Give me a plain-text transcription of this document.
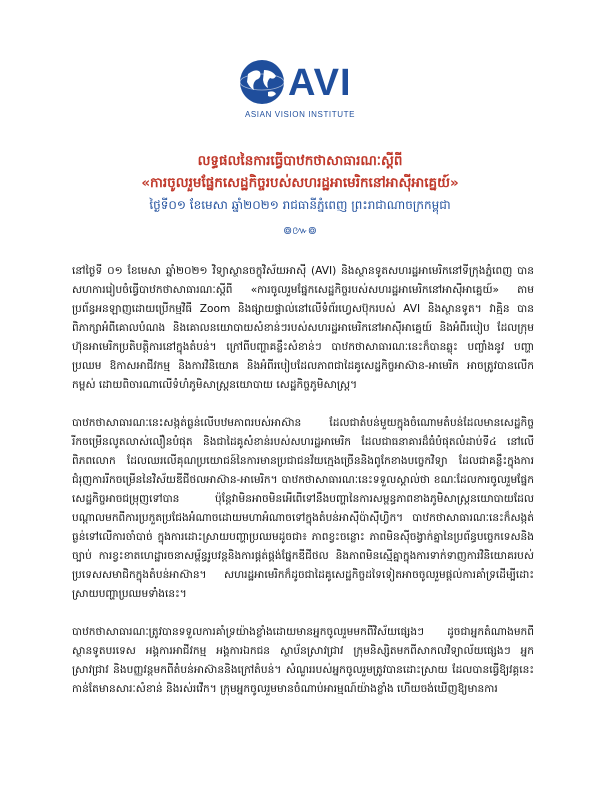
AVI
ASIAN VISION INSTITUTE
លទ្ធផលនៃការធ្វើបាឋកថាសាធារណៈស្តីពី
«ការចូលរួមផ្នែកសេដ្ឋកិច្ចរបស់សហរដ្ឋអាមេរិកនៅអាស៊ីអាគ្នេយ៍»
ថ្ងៃទី០១ ខែមេសា ឆ្នាំ២០២១ រាជធានីភ្នំពេញ ព្រះរាជាណាចក្រកម្ពុជា
៙៚៙

នៅថ្ងៃទី ០១ ខែមេសា ឆ្នាំ២០២១ វិទ្យាស្ថានចក្ខុវិស័យអាស៊ី (AVI) និងស្ថានទូតសហរដ្ឋអាមេរិកនៅទីក្រុងភ្នំពេញ បានសហការរៀបចំធ្វើបាឋកថាសាធារណៈស្តីពី «ការចូលរួមផ្នែកសេដ្ឋកិច្ចរបស់សហរដ្ឋអាមេរិកនៅអាស៊ីអាគ្នេយ៍» តាមប្រព័ន្ធអនឡាញដោយប្រើកម្មវិធី Zoom និងផ្សាយផ្ទាល់នៅលើទំព័រហ្វេសប៊ុករបស់ AVI និងស្ថានទូត។ វាគ្មិន បានពិភាក្សាអំពីគោលបំណង និងគោលនយោបាយសំខាន់ៗរបស់សហរដ្ឋអាមេរិកនៅអាស៊ីអាគ្នេយ៍ និងអំពីរបៀប ដែលក្រុមហ៊ុនអាមេរិកប្រតិបត្តិការនៅក្នុងតំបន់។ ក្រៅពីបញ្ហាគន្លឹះសំខាន់ៗ បាឋកថាសាធារណៈនេះក៏បានឆ្លុះ បញ្ចាំងនូវ បញ្ហាប្រឈម ឱកាសអាជីវកម្ម និងការវិនិយោគ និងអំពីរបៀបដែលភាពជាដៃគូសេដ្ឋកិច្ចអាស៊ាន-អាមេរិក អាចត្រូវបានលើកកម្ពស់ ដោយពិចារណាលើទំហំភូមិសាស្ត្រនយោបាយ សេដ្ឋកិច្ចភូមិសាស្ត្រ។

បាឋកថាសាធារណៈនេះសង្កត់ធ្ងន់លើបឋមភាពរបស់អាស៊ាន ដែលជាតំបន់មួយក្នុងចំណោមតំបន់ដែលមានសេដ្ឋកិច្ចរីកចម្រើនលូតលាស់លឿនបំផុត និងជាដៃគូសំខាន់របស់សហរដ្ឋអាមេរិក ដែលជាធនាគារដ៏ធំបំផុតលំដាប់ទី៤ នៅលើពិភពលោក ដែលឈរលើគុណប្រយោជន៍នៃការមានប្រជាជនវ័យក្មេងច្រើននិងពូកែខាងបច្ចេកវិទ្យា ដែលជាគន្លឹះក្នុងការជំរុញការរីកចម្រើននៃវិស័យឌីជីថលអាស៊ាន-អាមេរិក។ បាឋកថាសាធារណៈនេះទទួលស្គាល់ថា ខណៈដែលការចូលរួមផ្នែកសេដ្ឋកិច្ចអាចជម្រុញទៅបាន ប៉ុន្តែវាមិនអាចមិនអើពើទៅនឹងបញ្ហានៃការសម្ពន្ធភាពខាងភូមិសាស្ត្រនយោបាយដែលបណ្តាលមកពីការប្រកួតប្រជែងអំណាចដោយមហាអំណាចទៅក្នុងតំបន់អាស៊ីប៉ាស៊ីហ្វិក។ បាឋកថាសាធារណៈនេះក៏សង្កត់ធ្ងន់ទៅលើការចាំបាច់ ក្នុងការដោះស្រាយបញ្ហាប្រឈមដូចជា៖ ភាពខ្វះចន្លោះ ភាពមិនស៊ីចង្វាក់គ្នានៃប្រព័ន្ធបច្ចេកទេសនិងច្បាប់ ការខ្វះខាតហេដ្ឋារចនាសម្ព័ន្ធរូបវន្តនិងការផ្គត់ផ្គង់ផ្នែកឌីជីថល និងភាពមិនស្មើគ្នាក្នុងការទាក់ទាញការវិនិយោគរបស់ប្រទេសសមាជិកក្នុងតំបន់អាស៊ាន។ សហរដ្ឋអាមេរិកក៏ដូចជាដៃគូសេដ្ឋកិច្ចដទៃទៀតអាចចូលរួមផ្តល់ការគាំទ្រដើម្បីដោះស្រាយបញ្ហាប្រឈមទាំងនេះ។

បាឋកថាសាធារណៈត្រូវបានទទួលការគាំទ្រយ៉ាងខ្លាំងដោយមានអ្នកចូលរួមមកពីវិស័យផ្សេងៗ ដូចជាអ្នកតំណាងមកពីស្ថានទូតបរទេស អង្គការអាជីវកម្ម អង្គការឯកជន ស្ថាប័នស្រាវជ្រាវ ក្រុមនិស្សិតមកពីសាកលវិទ្យាល័យផ្សេងៗ អ្នកស្រាវជ្រាវ និងបញ្ញវន្តមកពីតំបន់អាស៊ាននិងក្រៅតំបន់។ សំណួររបស់អ្នកចូលរួមត្រូវបានដោះស្រាយ ដែលបានធ្វើឱ្យវគ្គនេះកាន់តែមានសារៈសំខាន់ និងរស់រវើក។ ក្រុមអ្នកចូលរួមមានចំណាប់អារម្មណ៍យ៉ាងខ្លាំង ហើយចង់ឃើញឱ្យមានការ
